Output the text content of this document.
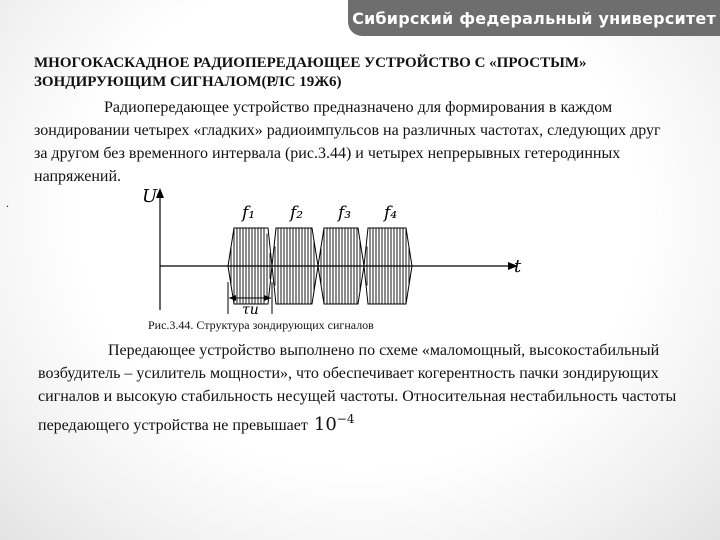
Сибирский федеральный университет

МНОГОКАСКАДНОЕ РАДИОПЕРЕДАЮЩЕЕ УСТРОЙСТВО С «ПРОСТЫМ» ЗОНДИРУЮЩИМ СИГНАЛОМ(РЛС 19Ж6)

Радиопередающее устройство предназначено для формирования в каждом зондировании четырех «гладких» радиоимпульсов на различных частотах, следующих друг за другом без временного интервала (рис.3.44) и четырех непрерывных гетеродинных напряжений.

.	U
t
f₁ f₂ f₃ f₄
τи
Рис.3.44. Структура зондирующих сигналов

Передающее устройство выполнено по схеме «маломощный, высокостабильный возбудитель – усилитель мощности», что обеспечивает когерентность пачки зондирующих сигналов и высокую стабильность несущей частоты. Относительная нестабильность частоты передающего устройства не превышает $10^{-4}$
